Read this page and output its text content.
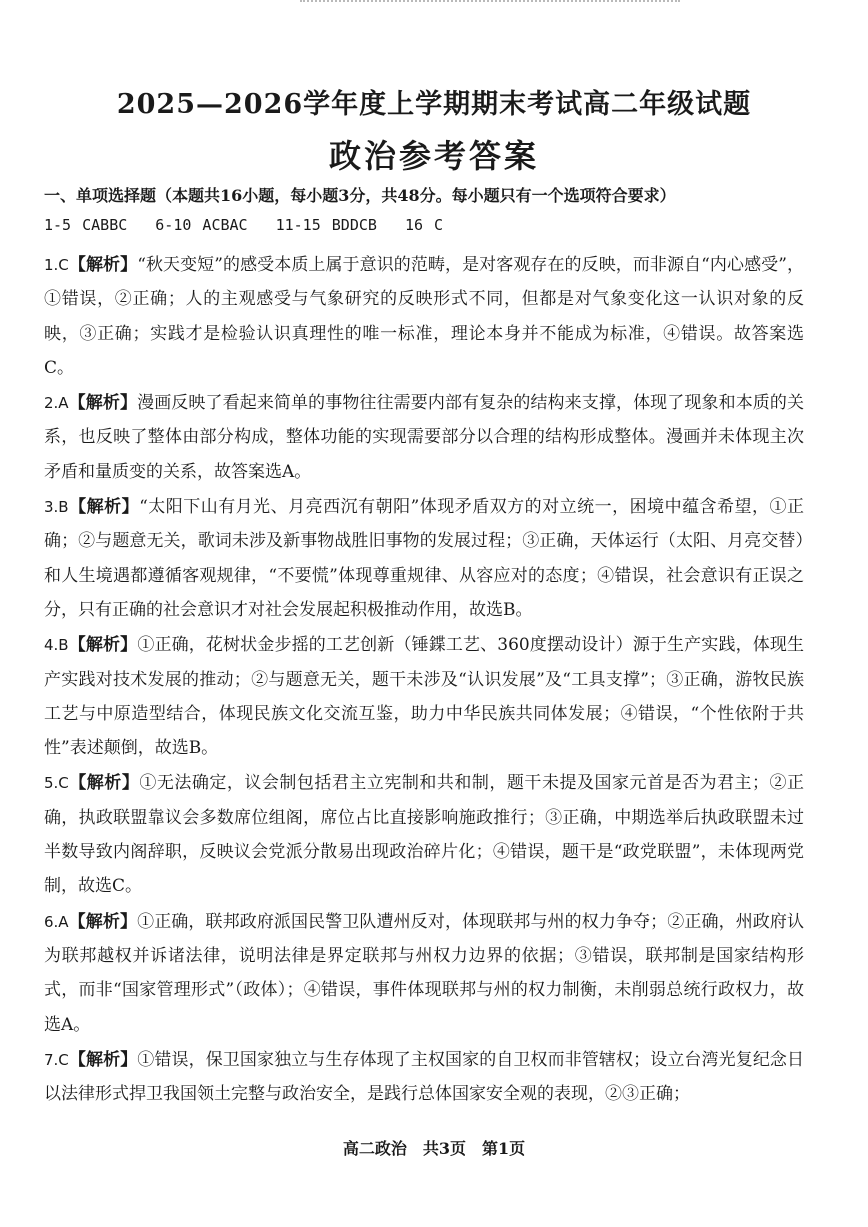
2025—2026学年度上学期期末考试高二年级试题
政治参考答案
一、单项选择题（本题共16小题，每小题3分，共48分。每小题只有一个选项符合要求）
1-5 CABBC 6-10 ACBAC 11-15 BDDCB 16 C

1.C【解析】“秋天变短”的感受本质上属于意识的范畴，是对客观存在的反映，而非源自“内心感受”，①错误，②正确；人的主观感受与气象研究的反映形式不同，但都是对气象变化这一认识对象的反映，③正确；实践才是检验认识真理性的唯一标准，理论本身并不能成为标准，④错误。故答案选C。

2.A【解析】漫画反映了看起来简单的事物往往需要内部有复杂的结构来支撑，体现了现象和本质的关系，也反映了整体由部分构成，整体功能的实现需要部分以合理的结构形成整体。漫画并未体现主次矛盾和量质变的关系，故答案选A。

3.B【解析】“太阳下山有月光、月亮西沉有朝阳”体现矛盾双方的对立统一，困境中蕴含希望，①正确；②与题意无关，歌词未涉及新事物战胜旧事物的发展过程；③正确，天体运行（太阳、月亮交替）和人生境遇都遵循客观规律，“不要慌”体现尊重规律、从容应对的态度；④错误，社会意识有正误之分，只有正确的社会意识才对社会发展起积极推动作用，故选B。

4.B【解析】①正确，花树状金步摇的工艺创新（锤鍱工艺、360度摆动设计）源于生产实践，体现生产实践对技术发展的推动；②与题意无关，题干未涉及“认识发展”及“工具支撑”；③正确，游牧民族工艺与中原造型结合，体现民族文化交流互鉴，助力中华民族共同体发展；④错误，“个性依附于共性”表述颠倒，故选B。

5.C【解析】①无法确定，议会制包括君主立宪制和共和制，题干未提及国家元首是否为君主；②正确，执政联盟靠议会多数席位组阁，席位占比直接影响施政推行；③正确，中期选举后执政联盟未过半数导致内阁辞职，反映议会党派分散易出现政治碎片化；④错误，题干是“政党联盟”，未体现两党制，故选C。

6.A【解析】①正确，联邦政府派国民警卫队遭州反对，体现联邦与州的权力争夺；②正确，州政府认为联邦越权并诉诸法律，说明法律是界定联邦与州权力边界的依据；③错误，联邦制是国家结构形式，而非“国家管理形式”（政体）；④错误，事件体现联邦与州的权力制衡，未削弱总统行政权力，故选A。

7.C【解析】①错误，保卫国家独立与生存体现了主权国家的自卫权而非管辖权；设立台湾光复纪念日以法律形式捍卫我国领土完整与政治安全，是践行总体国家安全观的表现，②③正确；

高二政治　共3页　第1页
